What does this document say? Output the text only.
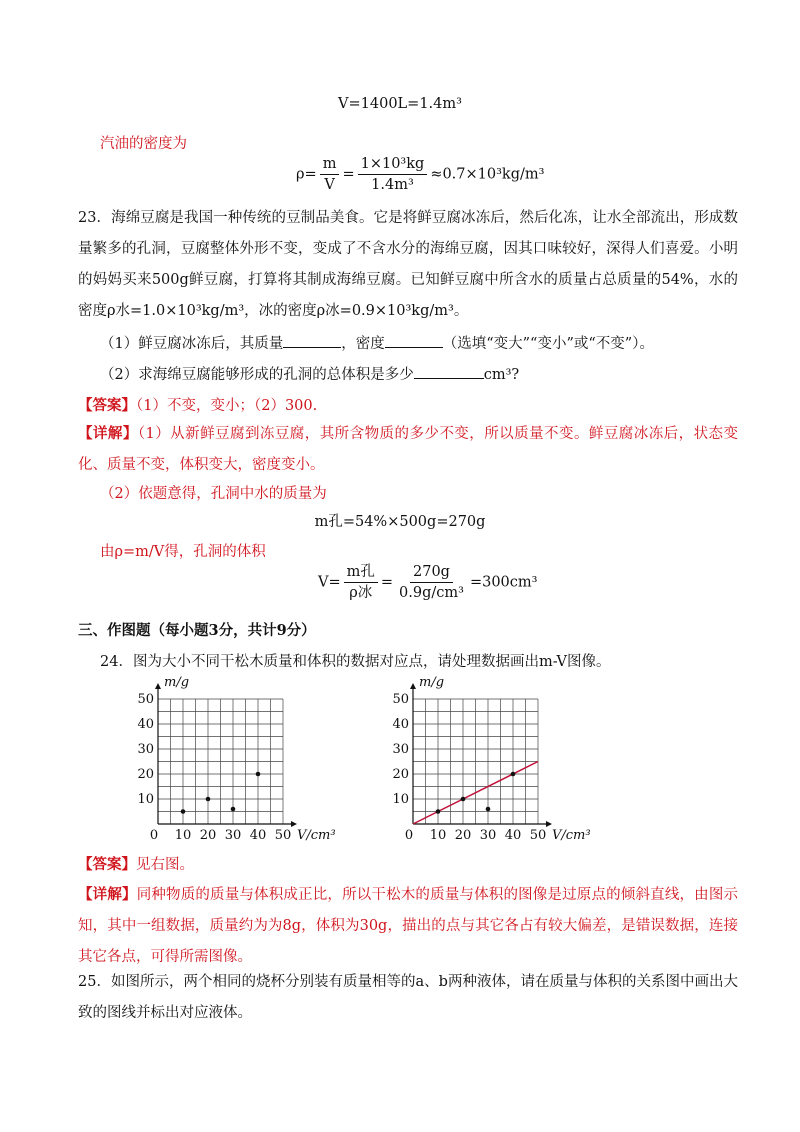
V=1400L=1.4m³
汽油的密度为
$\rho= \frac{m}{V} = \frac{\text{1×10³kg}}{\text{1.4m³}} \approx 0.7\times 10^3kg/m^3$
23．海绵豆腐是我国一种传统的豆制品美食。它是将鲜豆腐冰冻后，然后化冻，让水全部流出，形成数量繁多的孔洞，豆腐整体外形不变，变成了不含水分的海绵豆腐，因其口味较好，深得人们喜爱。小明的妈妈买来500g鲜豆腐，打算将其制成海绵豆腐。已知鲜豆腐中所含水的质量占总质量的54%，水的密度ρ水=1.0×10³kg/m³，冰的密度ρ冰=0.9×10³kg/m³。
（1）鲜豆腐冰冻后，其质量	，密度	（选填“变大”“变小”或“不变”）。
（2）求海绵豆腐能够形成的孔洞的总体积是多少	cm³?
【答案】（1）不变，变小；（2）300.
【详解】（1）从新鲜豆腐到冻豆腐，其所含物质的多少不变，所以质量不变。鲜豆腐冰冻后，状态变化、质量不变，体积变大，密度变小。
（2）依题意得，孔洞中水的质量为
m孔=54%×500g=270g
由ρ=m/V得，孔洞的体积
$V= \frac{\text{m孔}}{\text{ρ冰}} = \frac{270g}{\text{0.9g/cm³}} =300cm^3$
三、作图题（每小题3分，共计9分）
24．图为大小不同干松木质量和体积的数据对应点，请处理数据画出m-V图像。
0 10 20 30 40 50
10
20
30
40
50
m/g
V/cm³	0 10 20 30 40 50
10
20
30
40
50
m/g
V/cm³
【答案】见右图。
【详解】同种物质的质量与体积成正比，所以干松木的质量与体积的图像是过原点的倾斜直线，由图示知，其中一组数据，质量约为为8g，体积为30g，描出的点与其它各占有较大偏差，是错误数据，连接其它各点，可得所需图像。
25．如图所示，两个相同的烧杯分别装有质量相等的a、b两种液体，请在质量与体积的关系图中画出大致的图线并标出对应液体。
